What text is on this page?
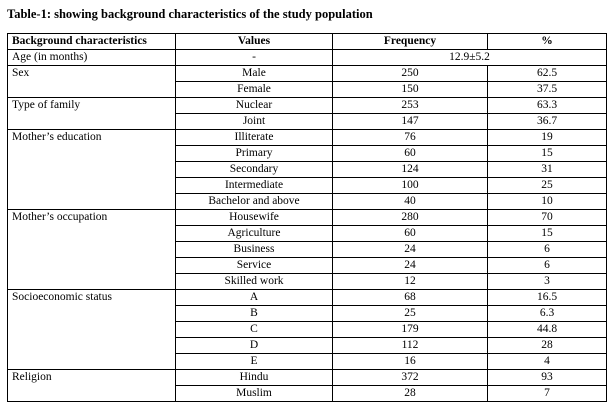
Table-1: showing background characteristics of the study population
Background characteristics	Values	Frequency	%
Age (in months)	-	12.9±5.2	
Sex	Male	250	62.5
	Female	150	37.5
Type of family	Nuclear	253	63.3
	Joint	147	36.7
Mother’s education	Illiterate	76	19
	Primary	60	15
	Secondary	124	31
	Intermediate	100	25
	Bachelor and above	40	10
Mother’s occupation	Housewife	280	70
	Agriculture	60	15
	Business	24	6
	Service	24	6
	Skilled work	12	3
Socioeconomic status	A	68	16.5
	B	25	6.3
	C	179	44.8
	D	112	28
	E	16	4
Religion	Hindu	372	93
	Muslim	28	7
